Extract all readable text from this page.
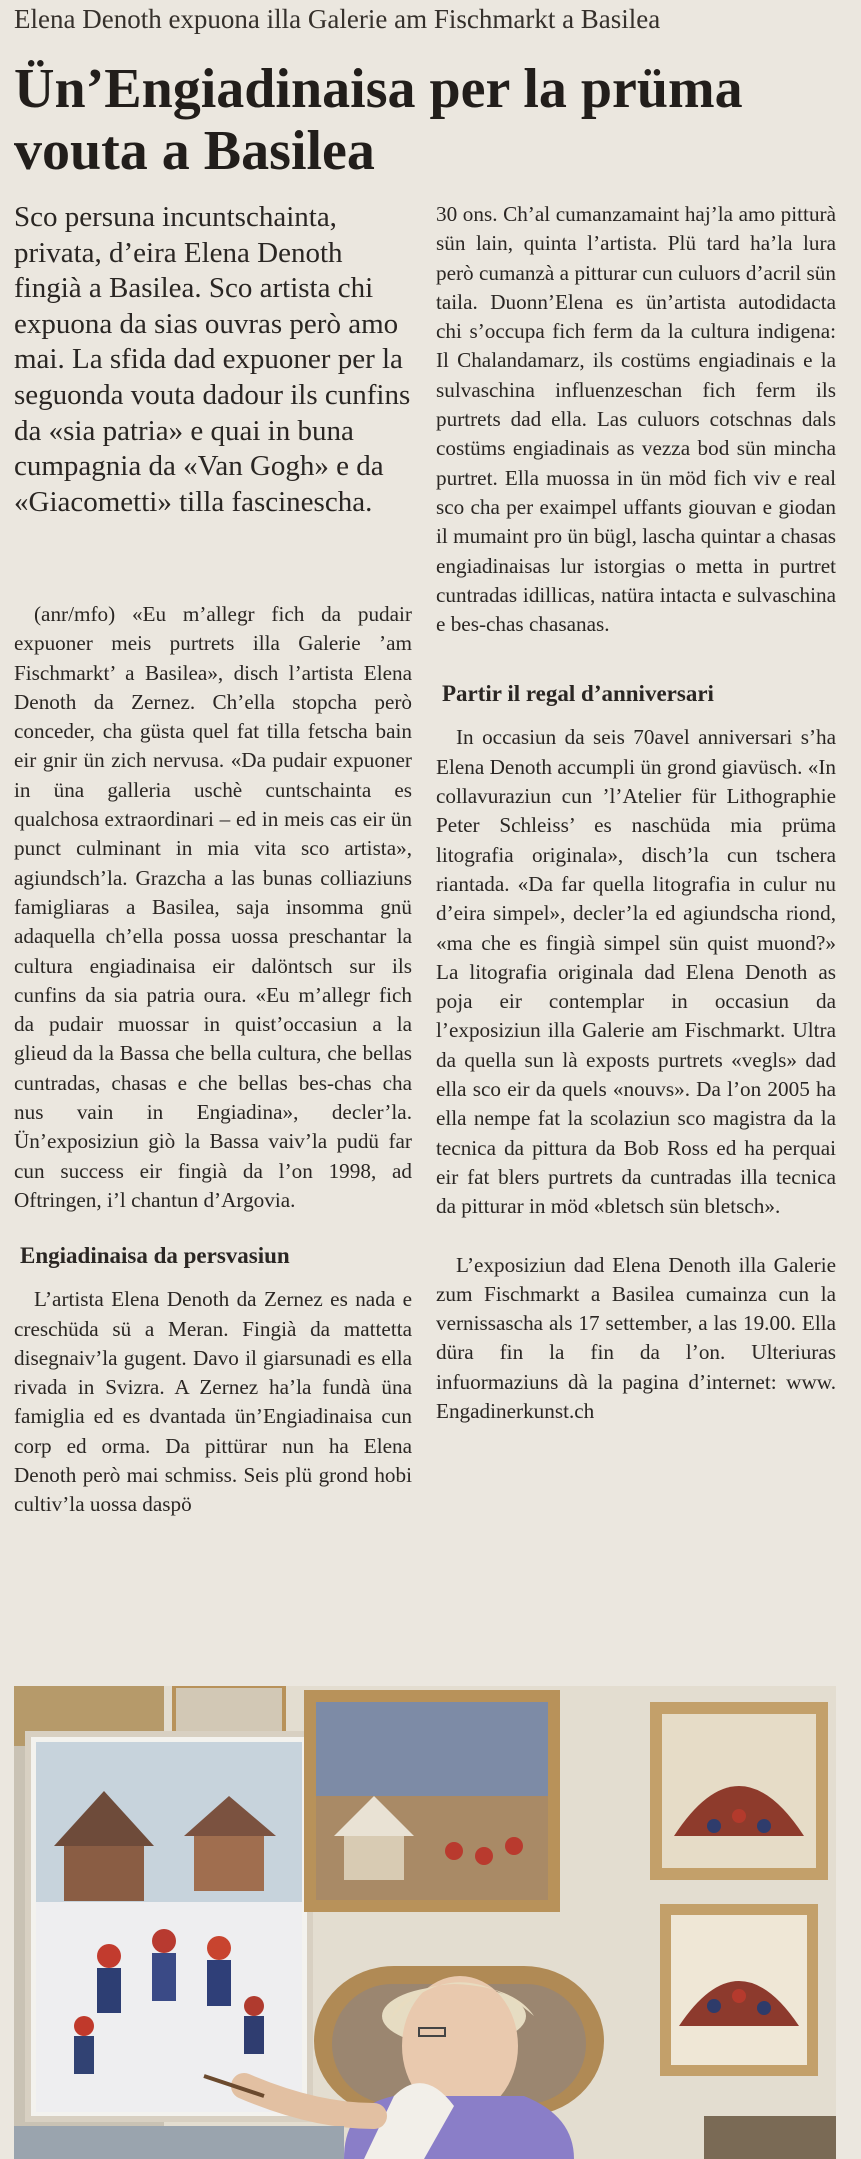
Elena Denoth expuona illa Galerie am Fischmarkt a Basilea
Ün’Engiadinaisa per la prüma vouta a Basilea

Sco persuna incuntschainta, privata, d’eira Elena Denoth fingià a Basilea. Sco artista chi expuona da sias ouvras però amo mai. La sfida dad expuoner per la seguonda vouta dadour ils cunfins da «sia patria» e quai in buna cumpagnia da «Van Gogh» e da «Giacometti» tilla fascinescha.

(anr/mfo) «Eu m’allegr fich da pudair expuoner meis purtrets illa Galerie ’am Fischmarkt’ a Basilea», disch l’artista Elena Denoth da Zernez. Ch’ella stopcha però conceder, cha güsta quel fat tilla fetscha bain eir gnir ün zich nervusa. «Da pudair expuoner in üna galleria uschè cuntschainta es qualchosa extraordinari – ed in meis cas eir ün punct culminant in mia vita sco artista», agiundsch’la. Grazcha a las bunas colliaziuns famigliaras a Basilea, saja insomma gnü adaquella ch’ella possa uossa preschantar la cultura engiadinaisa eir dalöntsch sur ils cunfins da sia patria oura. «Eu m’allegr fich da pudair muossar in quist’occasiun a la glieud da la Bassa che bella cultura, che bellas cuntradas, chasas e che bellas bes-chas cha nus vain in Engiadina», decler’la. Ün’exposiziun giò la Bassa vaiv’la pudü far cun success eir fingià da l’on 1998, ad Oftringen, i’l chantun d’Argovia.

Engiadinaisa da persvasiun

L’artista Elena Denoth da Zernez es nada e creschüda sü a Meran. Fingià da mattetta disegnaiv’la gugent. Davo il giarsunadi es ella rivada in Svizra. A Zernez ha’la fundà üna famiglia ed es dvantada ün’Engiadinaisa cun corp ed orma. Da pittürar nun ha Elena Denoth però mai schmiss. Seis plü grond hobi cultiv’la uossa daspö

30 ons. Ch’al cumanzamaint haj’la amo pitturà sün lain, quinta l’artista. Plü tard ha’la lura però cumanzà a pitturar cun culuors d’acril sün taila. Duonn’Elena es ün’artista autodidacta chi s’occupa fich ferm da la cultura indigena: Il Chalandamarz, ils costüms engiadinais e la sulvaschina influenzeschan fich ferm ils purtrets dad ella. Las culuors cotschnas dals costüms engiadinais as vezza bod sün mincha purtret. Ella muossa in ün möd fich viv e real sco cha per exaimpel uffants giouvan e giodan il mumaint pro ün bügl, lascha quintar a chasas engiadinaisas lur istorgias o metta in purtret cuntradas idillicas, natüra intacta e sulvaschina e bes-chas chasanas.

Partir il regal d’anniversari

In occasiun da seis 70avel anniversari s’ha Elena Denoth accumpli ün grond giavüsch. «In collavuraziun cun ’l’Atelier für Lithographie Peter Schleiss’ es naschüda mia prüma litografia originala», disch’la cun tschera riantada. «Da far quella litografia in culur nu d’eira simpel», decler’la ed agiundscha riond, «ma che es fingià simpel sün quist muond?» La litografia originala dad Elena Denoth as poja eir contemplar in occasiun da l’exposiziun illa Galerie am Fischmarkt. Ultra da quella sun là exposts purtrets «vegls» dad ella sco eir da quels «nouvs». Da l’on 2005 ha ella nempe fat la scolaziun sco magistra da la tecnica da pittura da Bob Ross ed ha perquai eir fat blers purtrets da cuntradas illa tecnica da pitturar in möd «bletsch sün bletsch».

L’exposiziun dad Elena Denoth illa Galerie zum Fischmarkt a Basilea cumainza cun la vernissascha als 17 settember, a las 19.00. Ella düra fin la fin da l’on. Ulteriuras infuormaziuns dà la pagina d’internet: www. Engadinerkunst.ch
